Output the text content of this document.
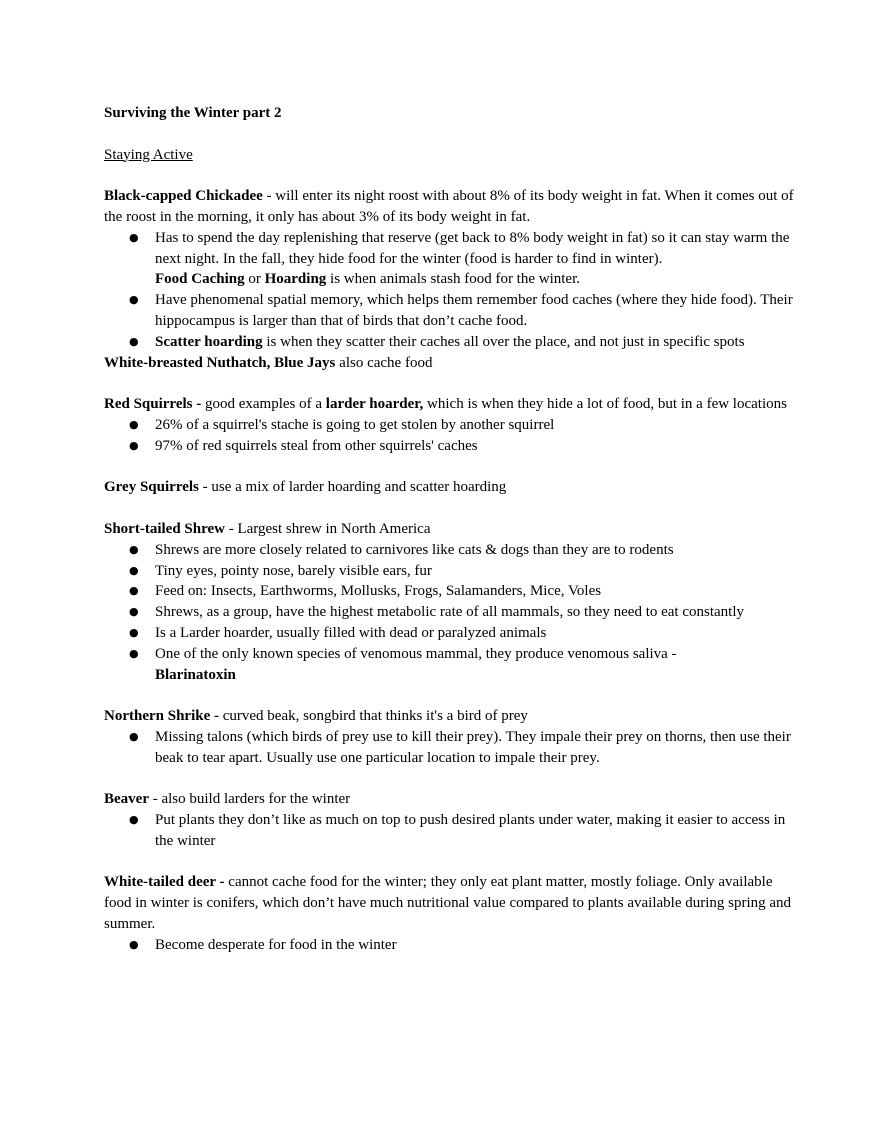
Surviving the Winter part 2

Staying Active

Black-capped Chickadee - will enter its night roost with about 8% of its body weight in fat. When it comes out of the roost in the morning, it only has about 3% of its body weight in fat.

● Has to spend the day replenishing that reserve (get back to 8% body weight in fat) so it can stay warm the next night. In the fall, they hide food for the winter (food is harder to find in winter).
Food Caching or Hoarding is when animals stash food for the winter.
● Have phenomenal spatial memory, which helps them remember food caches (where they hide food). Their hippocampus is larger than that of birds that don’t cache food.
● Scatter hoarding is when they scatter their caches all over the place, and not just in specific spots

White-breasted Nuthatch, Blue Jays also cache food

Red Squirrels - good examples of a larder hoarder, which is when they hide a lot of food, but in a few locations

● 26% of a squirrel's stache is going to get stolen by another squirrel
● 97% of red squirrels steal from other squirrels' caches

Grey Squirrels - use a mix of larder hoarding and scatter hoarding

Short-tailed Shrew - Largest shrew in North America

● Shrews are more closely related to carnivores like cats & dogs than they are to rodents
● Tiny eyes, pointy nose, barely visible ears, fur
● Feed on: Insects, Earthworms, Mollusks, Frogs, Salamanders, Mice, Voles
● Shrews, as a group, have the highest metabolic rate of all mammals, so they need to eat constantly
● Is a Larder hoarder, usually filled with dead or paralyzed animals
● One of the only known species of venomous mammal, they produce venomous saliva -
Blarinatoxin

Northern Shrike - curved beak, songbird that thinks it's a bird of prey

● Missing talons (which birds of prey use to kill their prey). They impale their prey on thorns, then use their beak to tear apart. Usually use one particular location to impale their prey.

Beaver - also build larders for the winter

● Put plants they don’t like as much on top to push desired plants under water, making it easier to access in the winter

White-tailed deer - cannot cache food for the winter; they only eat plant matter, mostly foliage. Only available food in winter is conifers, which don’t have much nutritional value compared to plants available during spring and summer.

● Become desperate for food in the winter
